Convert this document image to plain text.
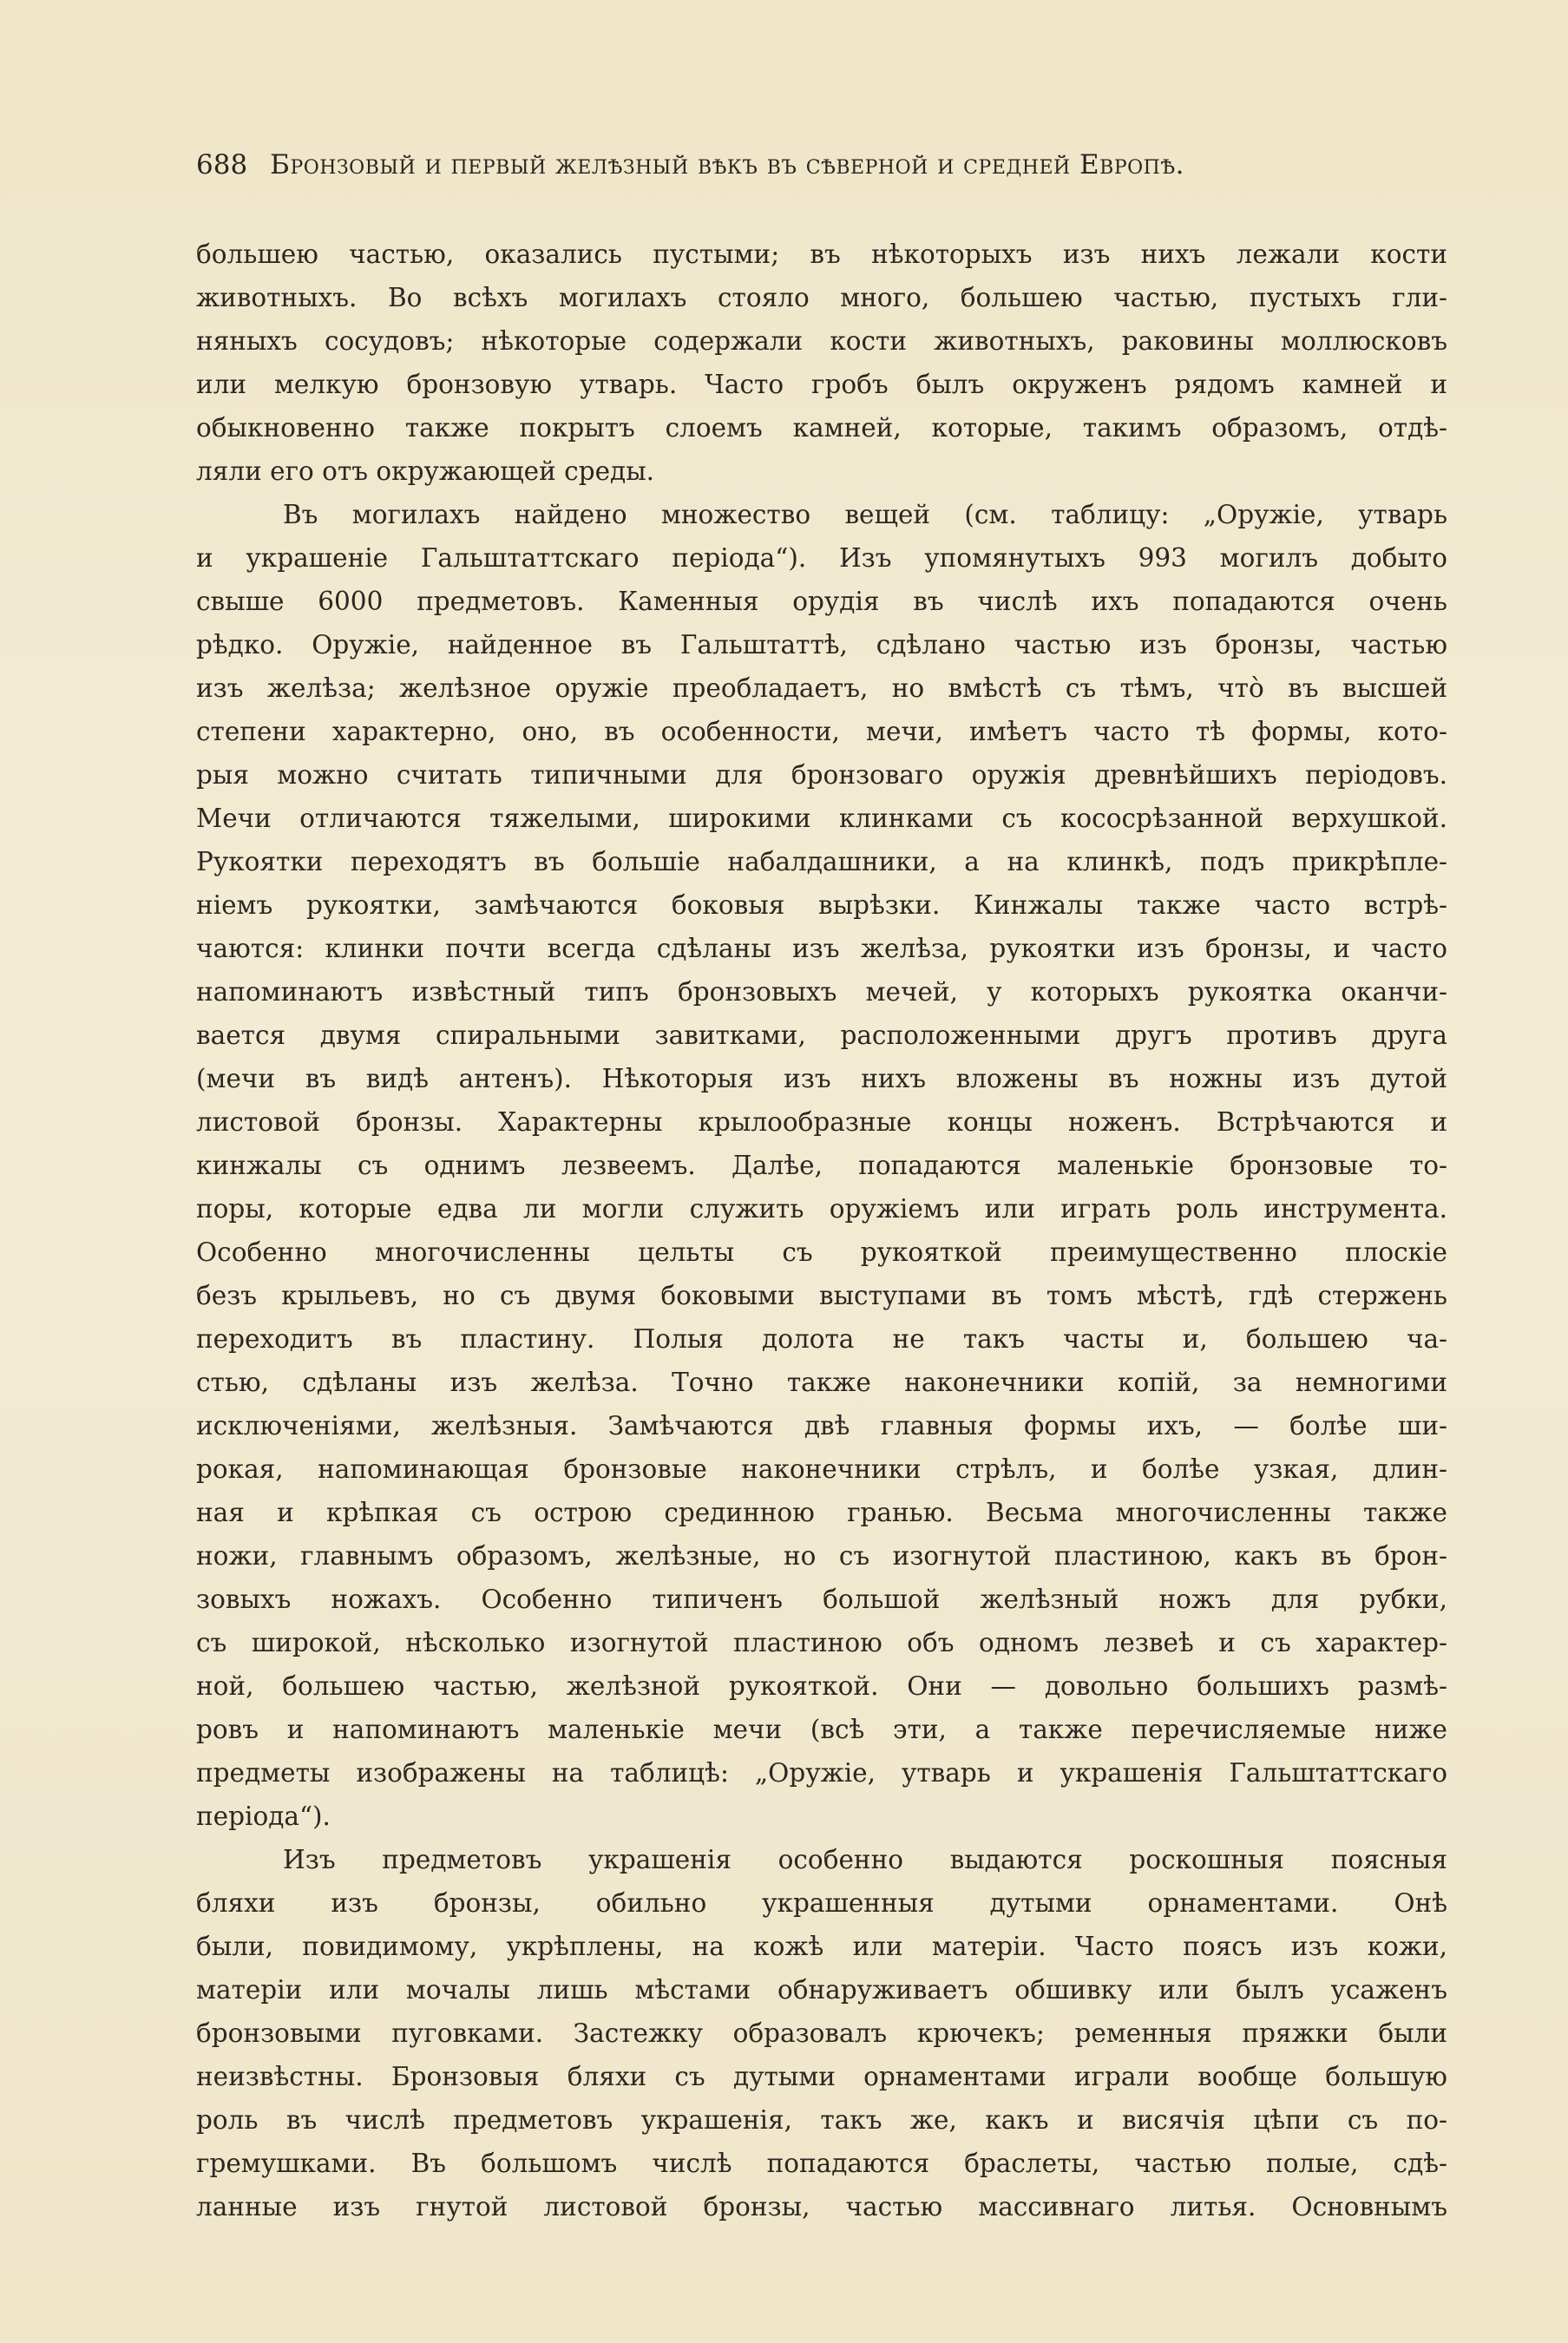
688 Бронзовый и первый желѣзный вѣкъ въ сѣверной и средней Европѣ.
большею частью, оказались пустыми; въ нѣкоторыхъ изъ нихъ лежали кости
животныхъ. Во всѣхъ могилахъ стояло много, большею частью, пустыхъ гли-
няныхъ сосудовъ; нѣкоторые содержали кости животныхъ, раковины моллюсковъ
или мелкую бронзовую утварь. Часто гробъ былъ окруженъ рядомъ камней и
обыкновенно также покрытъ слоемъ камней, которые, такимъ образомъ, отдѣ-
ляли его отъ окружающей среды.
Въ могилахъ найдено множество вещей (см. таблицу: „Оружіе, утварь
и украшеніе Гальштаттскаго періода“). Изъ упомянутыхъ 993 могилъ добыто
свыше 6000 предметовъ. Каменныя орудія въ числѣ ихъ попадаются очень
рѣдко. Оружіе, найденное въ Гальштаттѣ, сдѣлано частью изъ бронзы, частью
изъ желѣза; желѣзное оружіе преобладаетъ, но вмѣстѣ съ тѣмъ, что̀ въ высшей
степени характерно, оно, въ особенности, мечи, имѣетъ часто тѣ формы, кото-
рыя можно считать типичными для бронзоваго оружія древнѣйшихъ періодовъ.
Мечи отличаются тяжелыми, широкими клинками съ кососрѣзанной верхушкой.
Рукоятки переходятъ въ большіе набалдашники, а на клинкѣ, подъ прикрѣпле-
ніемъ рукоятки, замѣчаются боковыя вырѣзки. Кинжалы также часто встрѣ-
чаются: клинки почти всегда сдѣланы изъ желѣза, рукоятки изъ бронзы, и часто
напоминаютъ извѣстный типъ бронзовыхъ мечей, у которыхъ рукоятка оканчи-
вается двумя спиральными завитками, расположенными другъ противъ друга
(мечи въ видѣ антенъ). Нѣкоторыя изъ нихъ вложены въ ножны изъ дутой
листовой бронзы. Характерны крылообразные концы ноженъ. Встрѣчаются и
кинжалы съ однимъ лезвеемъ. Далѣе, попадаются маленькіе бронзовые то-
поры, которые едва ли могли служить оружіемъ или играть роль инструмента.
Особенно многочисленны цельты съ рукояткой преимущественно плоскіе
безъ крыльевъ, но съ двумя боковыми выступами въ томъ мѣстѣ, гдѣ стержень
переходитъ въ пластину. Полыя долота не такъ часты и, большею ча-
стью, сдѣланы изъ желѣза. Точно также наконечники копій, за немногими
исключеніями, желѣзныя. Замѣчаются двѣ главныя формы ихъ, — болѣе ши-
рокая, напоминающая бронзовые наконечники стрѣлъ, и болѣе узкая, длин-
ная и крѣпкая съ острою срединною гранью. Весьма многочисленны также
ножи, главнымъ образомъ, желѣзные, но съ изогнутой пластиною, какъ въ брон-
зовыхъ ножахъ. Особенно типиченъ большой желѣзный ножъ для рубки,
съ широкой, нѣсколько изогнутой пластиною объ одномъ лезвеѣ и съ характер-
ной, большею частью, желѣзной рукояткой. Они — довольно большихъ размѣ-
ровъ и напоминаютъ маленькіе мечи (всѣ эти, а также перечисляемые ниже
предметы изображены на таблицѣ: „Оружіе, утварь и украшенія Гальштаттскаго
періода“).
Изъ предметовъ украшенія особенно выдаются роскошныя поясныя
бляхи изъ бронзы, обильно украшенныя дутыми орнаментами. Онѣ
были, повидимому, укрѣплены, на кожѣ или матеріи. Часто поясъ изъ кожи,
матеріи или мочалы лишь мѣстами обнаруживаетъ обшивку или былъ усаженъ
бронзовыми пуговками. Застежку образовалъ крючекъ; ременныя пряжки были
неизвѣстны. Бронзовыя бляхи съ дутыми орнаментами играли вообще большую
роль въ числѣ предметовъ украшенія, такъ же, какъ и висячія цѣпи съ по-
гремушками. Въ большомъ числѣ попадаются браслеты, частью полые, сдѣ-
ланные изъ гнутой листовой бронзы, частью массивнаго литья. Основнымъ
